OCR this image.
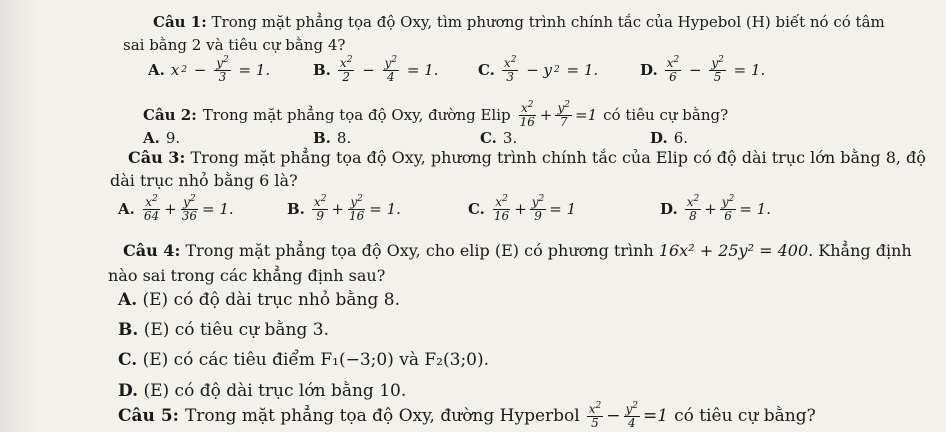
Câu 1: Trong mặt phẳng tọa độ Oxy, tìm phương trình chính tắc của Hypebol (H) biết nó có tâm
sai bằng 2 và tiêu cự bằng 4?
A. x $2 - \frac{y^2}{3} = 1$.	B. $\frac{x^2}{2} - \frac{y^2}{4} = 1$.	C. $\frac{x^2}{3} - y$ 2 = 1.	D. $\frac{x^2}{6} - \frac{y^2}{5} = 1$.
Câu 2: Trong mặt phẳng tọa độ Oxy, đường Elip $\frac{x^2}{16} + \frac{y^2}{7} =1$ có tiêu cự bằng?
A. 9.	B. 8.	C. 3.	D. 6.
Câu 3: Trong mặt phẳng tọa độ Oxy, phương trình chính tắc của Elip có độ dài trục lớn bằng 8, độ
dài trục nhỏ bằng 6 là?
A. $\frac{x^2}{64} + \frac{y^2}{36} = 1$.	B. $\frac{x^2}{9} + \frac{y^2}{16} = 1$.	C. $\frac{x^2}{16} + \frac{y^2}{9} = 1$	D. $\frac{x^2}{8} + \frac{y^2}{6} = 1$.
Câu 4: Trong mặt phẳng tọa độ Oxy, cho elip (E) có phương trình 16x² + 25y² = 400. Khẳng định
nào sai trong các khẳng định sau?
A. (E) có độ dài trục nhỏ bằng 8.
B. (E) có tiêu cự bằng 3.
C. (E) có các tiêu điểm F₁(−3;0) và F₂(3;0).
D. (E) có độ dài trục lớn bằng 10.
Câu 5: Trong mặt phẳng tọa độ Oxy, đường Hyperbol $\frac{x^2}{5} - \frac{y^2}{4} =1$ có tiêu cự bằng?
